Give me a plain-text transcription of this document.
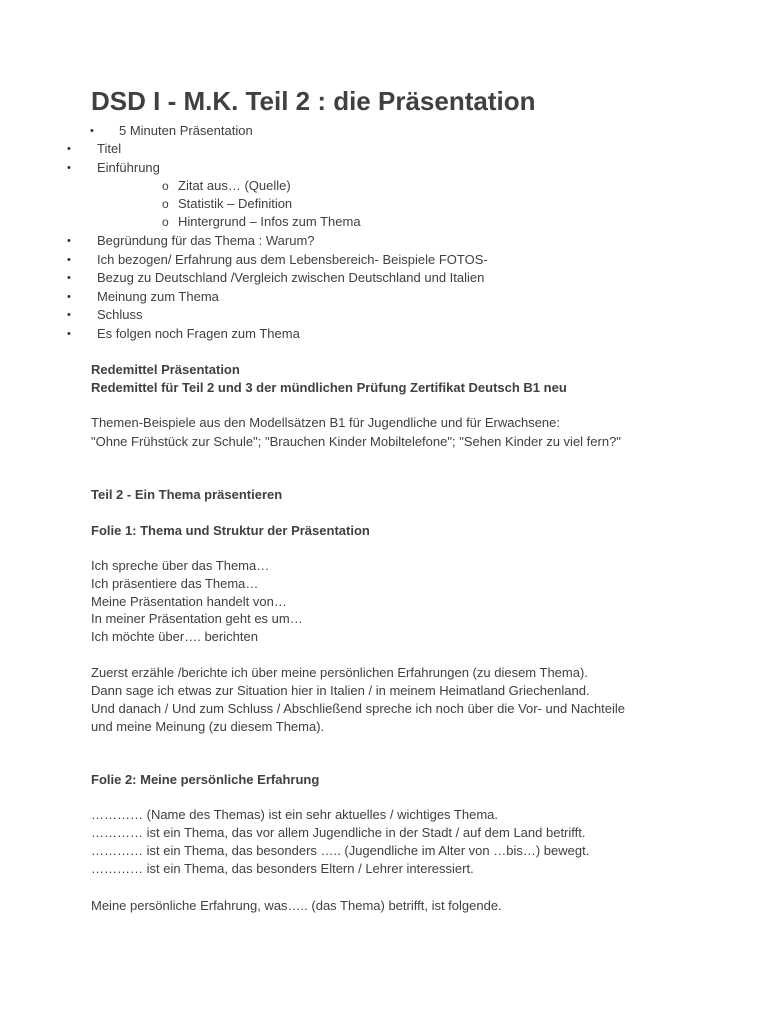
DSD I - M.K. Teil 2 : die Präsentation
• 5 Minuten Präsentation
• Titel
• Einführung
o Zitat aus… (Quelle)
o Statistik – Definition
o Hintergrund – Infos zum Thema
• Begründung für das Thema : Warum?
• Ich bezogen/ Erfahrung aus dem Lebensbereich- Beispiele FOTOS-
• Bezug zu Deutschland /Vergleich zwischen Deutschland und Italien
• Meinung zum Thema
• Schluss
• Es folgen noch Fragen zum Thema
Redemittel Präsentation
Redemittel für Teil 2 und 3 der mündlichen Prüfung Zertifikat Deutsch B1 neu
Themen-Beispiele aus den Modellsätzen B1 für Jugendliche und für Erwachsene:
"Ohne Frühstück zur Schule"; "Brauchen Kinder Mobiltelefone"; "Sehen Kinder zu viel fern?"
Teil 2 - Ein Thema präsentieren
Folie 1: Thema und Struktur der Präsentation
Ich spreche über das Thema…
Ich präsentiere das Thema…
Meine Präsentation handelt von…
In meiner Präsentation geht es um…
Ich möchte über…. berichten
Zuerst erzähle /berichte ich über meine persönlichen Erfahrungen (zu diesem Thema).
Dann sage ich etwas zur Situation hier in Italien / in meinem Heimatland Griechenland.
Und danach / Und zum Schluss / Abschließend spreche ich noch über die Vor- und Nachteile
und meine Meinung (zu diesem Thema).
Folie 2: Meine persönliche Erfahrung
………… (Name des Themas) ist ein sehr aktuelles / wichtiges Thema.
………… ist ein Thema, das vor allem Jugendliche in der Stadt / auf dem Land betrifft.
………… ist ein Thema, das besonders ….. (Jugendliche im Alter von …bis…) bewegt.
………… ist ein Thema, das besonders Eltern / Lehrer interessiert.
Meine persönliche Erfahrung, was….. (das Thema) betrifft, ist folgende.
